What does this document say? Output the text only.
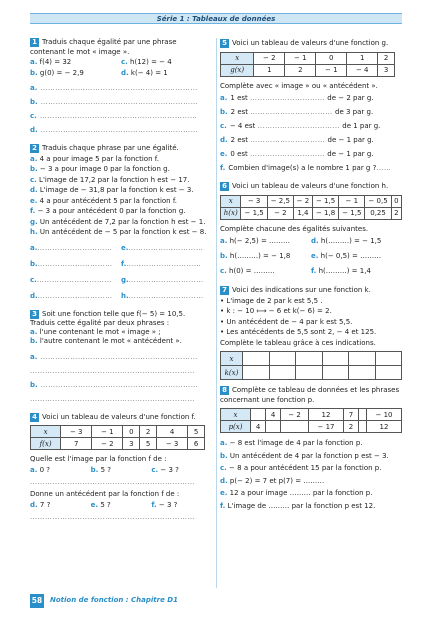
Série 1 : Tableaux de données
1 Traduis chaque égalité par une phrase contenant le mot « image ».
a. f(4) = 32	c. h(12) = − 4
b. g(0) = − 2,9	d. k(− 4) = 1
a. ………………………………………………………
b. ………………………………………………………
c. ………………………………………………………
d. ………………………………………………………
2 Traduis chaque phrase par une égalité.
a. 4 a pour image 5 par la fonction f.
b. − 3 a pour image 0 par la fonction g.
c. L'image de 17,2 par la fonction h est − 17.
d. L'image de − 31,8 par la fonction k est − 3.
e. 4 a pour antécédent 5 par la fonction f.
f. − 3 a pour antécédent 0 par la fonction g.
g. Un antécédent de 7,2 par la fonction h est − 1.
h. Un antécédent de − 5 par la fonction k est − 8.
a.…………………………	e.…………………………
b.…………………………	f.…………………………
c.…………………………	g.…………………………
d.…………………………	h.…………………………
3 Soit une fonction telle que f(− 5) = 10,5.
Traduis cette égalité par deux phrases :
a. l'une contenant le mot « image » ;
b. l'autre contenant le mot « antécédent ».
a. ………………………………………………………
…………………………………………………………
b. ………………………………………………………
…………………………………………………………
4 Voici un tableau de valeurs d'une fonction f.
x	− 3	− 1	0	2	4	5
f(x)	7	− 2	3	5	− 3	6
Quelle est l'image par la fonction f de :
a. 0 ?	b. 5 ?	c. − 3 ?
…………………………………………………………
Donne un antécédent par la fonction f de :
d. 7 ?	e. 5 ?	f. − 3 ?
…………………………………………………………
5 Voici un tableau de valeurs d'une fonction g.
x	− 2	− 1	0	1	2
g(x)	1	2	− 1	− 4	3
Complète avec « image » ou « antécédent ».
a. 1 est ………………………… de − 2 par g.
b. 2 est …………………………… de 3 par g.
c. − 4 est …………………………… de 1 par g.
d. 2 est ………………………… de − 1 par g.
e. 0 est ………………………… de − 1 par g.
f. Combien d'image(s) a le nombre 1 par g ?……
6 Voici un tableau de valeurs d'une fonction h.
x	− 3	− 2,5	− 2	− 1,5	− 1	− 0,5	0
h(x)	− 1,5	− 2	1,4	− 1,8	− 1,5	0,25	2
Complète chacune des égalités suivantes.
a. h(− 2,5) = ………	d. h(………) = − 1,5
b. h(………) = − 1,8	e. h(− 0,5) = ………
c. h(0) = ………	f. h(………) = 1,4
7 Voici des indications sur une fonction k.
• L'image de 2 par k est 5,5 .
• k : − 10 ⟼ − 6 et k(− 6) = 2.
• Un antécédent de − 4 par k est 5,5.
• Les antécédents de 5,5 sont 2, − 4 et 125.
Complète le tableau grâce à ces indications.
x						
k(x)						
8 Complète ce tableau de données et les phrases concernant une fonction p.
x		4	− 2	12	7		− 10
p(x)	4			− 17	2		12
a. − 8 est l'image de 4 par la fonction p.
b. Un antécédent de 4 par la fonction p est − 3.
c. − 8 a pour antécédent 15 par la fonction p.
d. p(− 2) = 7 et p(7) = ………
e. 12 a pour image ……… par la fonction p.
f. L'image de ……… par la fonction p est 12.
58 Notion de fonction : Chapitre D1
